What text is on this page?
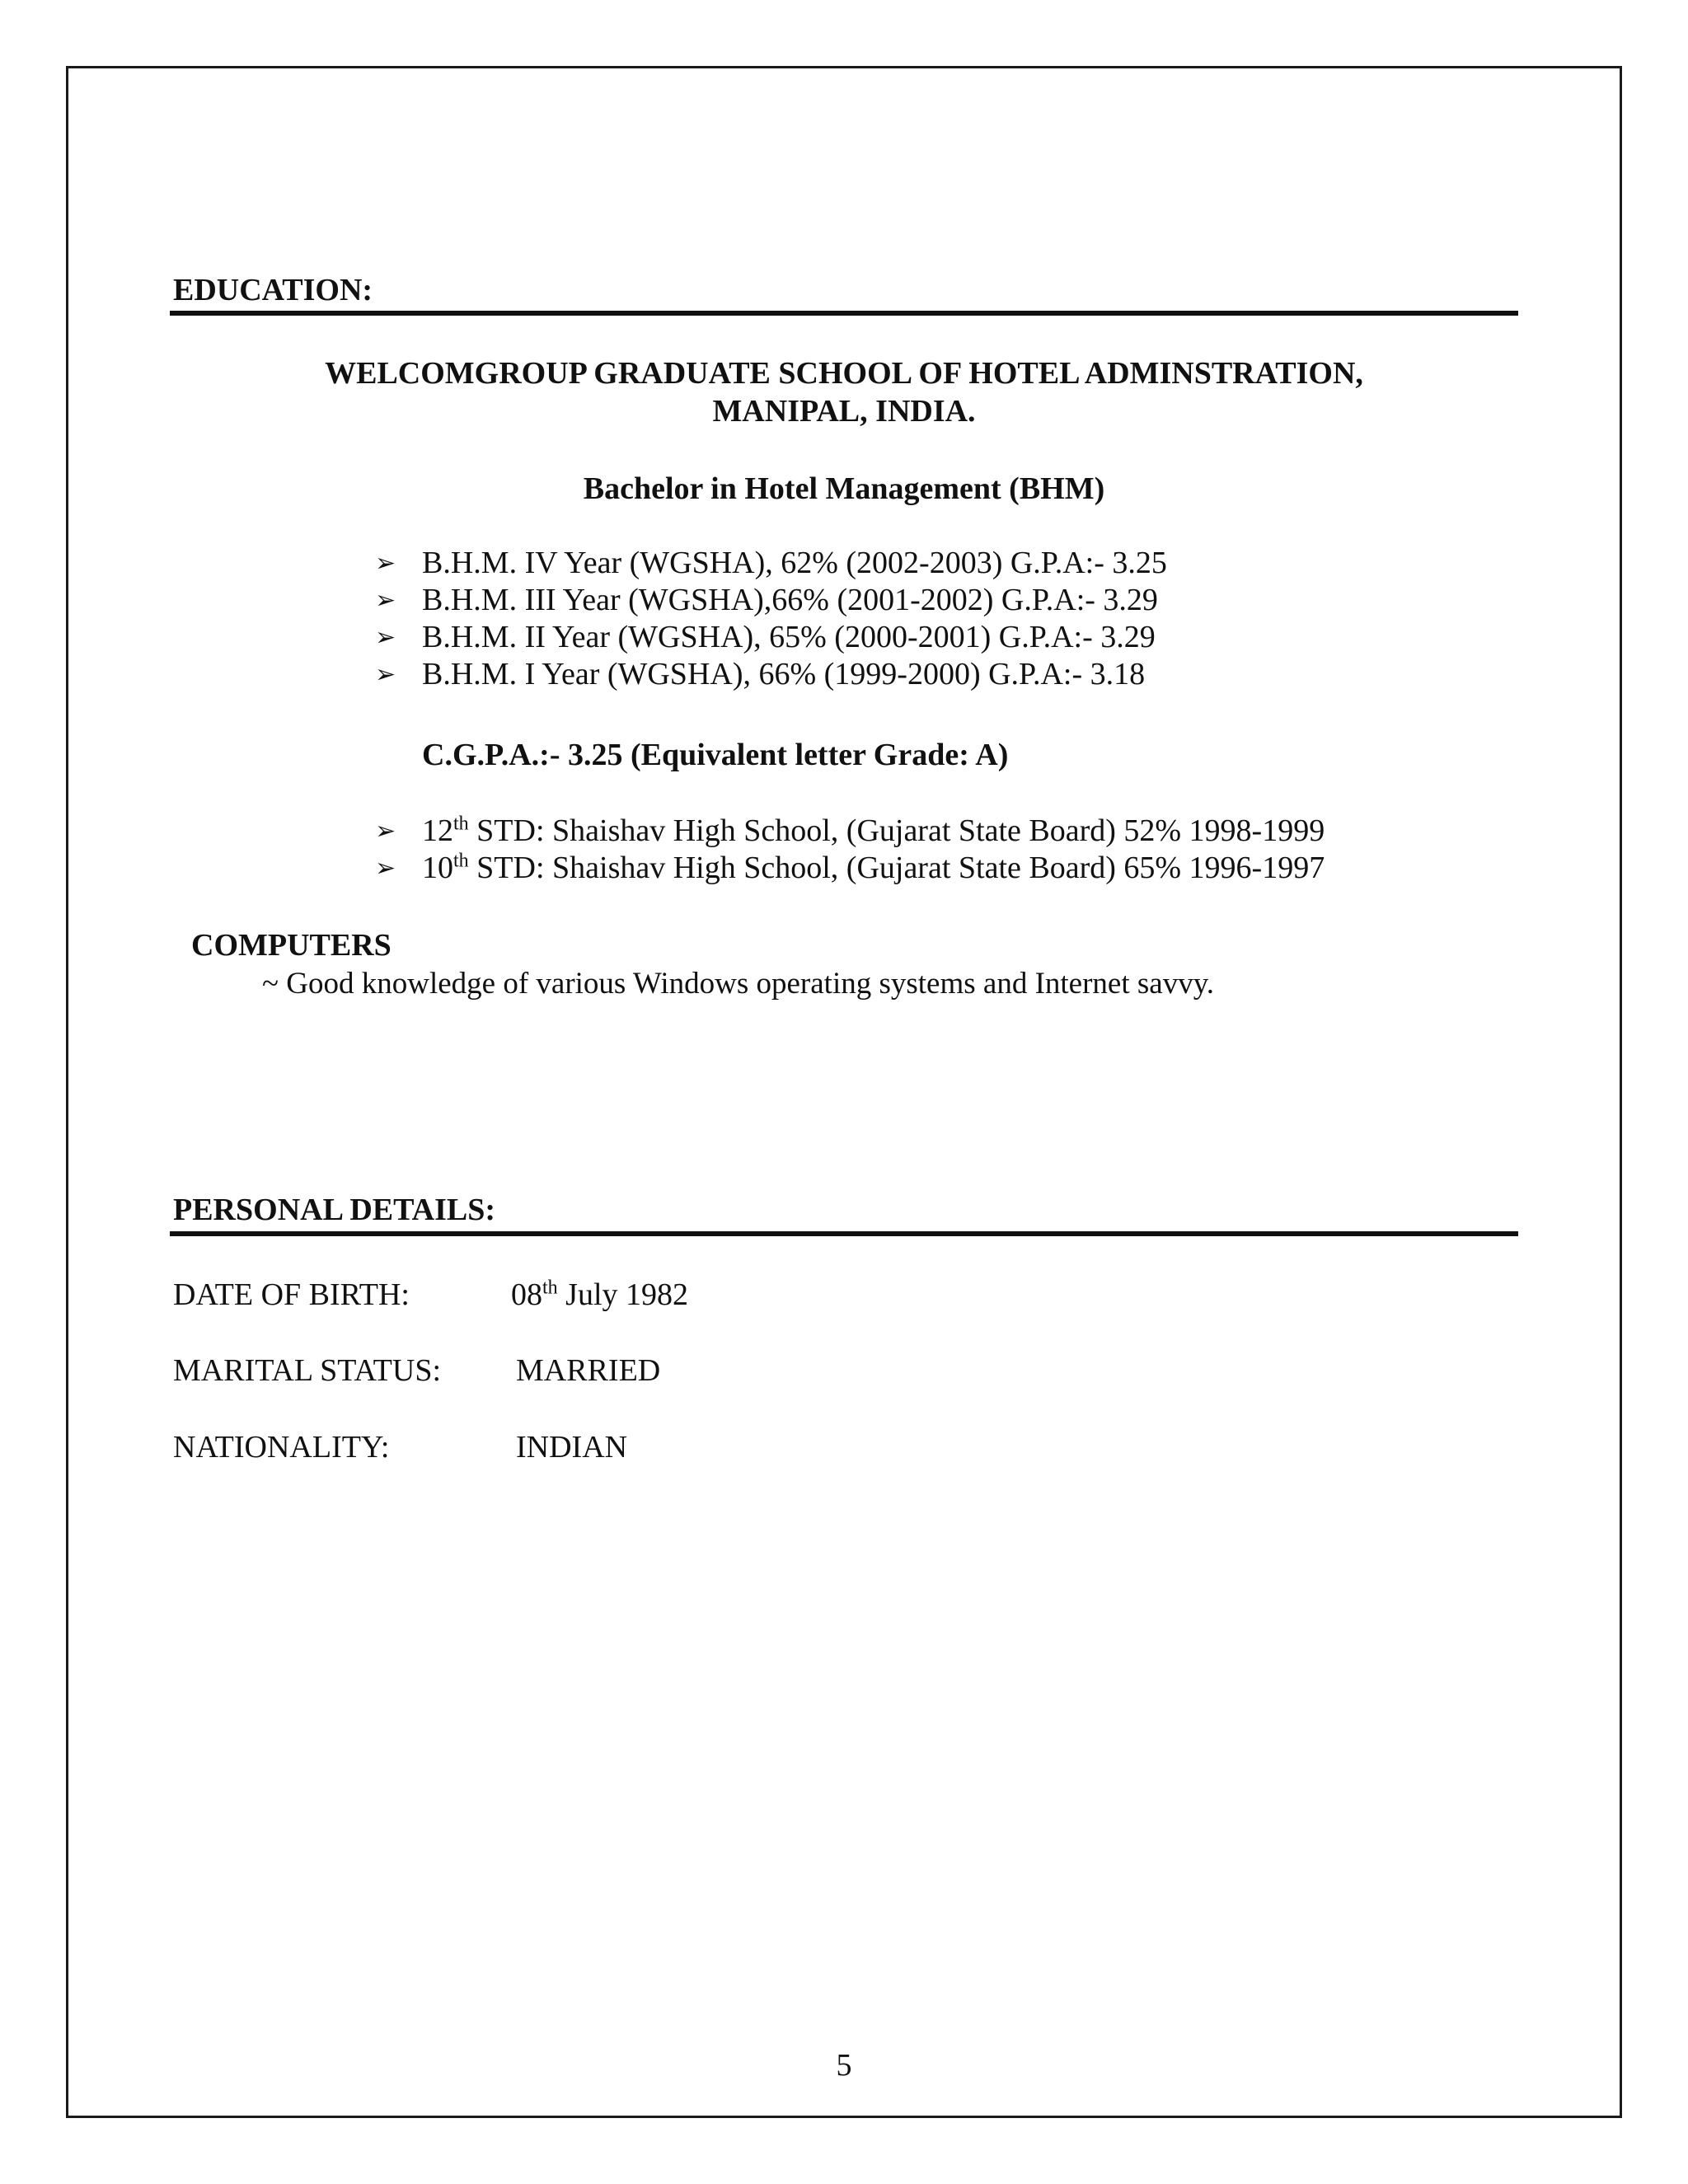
EDUCATION:
WELCOMGROUP GRADUATE SCHOOL OF HOTEL ADMINSTRATION,
MANIPAL, INDIA.
Bachelor in Hotel Management (BHM)
➢ B.H.M. IV Year (WGSHA), 62% (2002-2003) G.P.A:- 3.25
➢ B.H.M. III Year (WGSHA),66% (2001-2002) G.P.A:- 3.29
➢ B.H.M. II Year (WGSHA), 65% (2000-2001) G.P.A:- 3.29
➢ B.H.M. I Year (WGSHA), 66% (1999-2000) G.P.A:- 3.18
C.G.P.A.:- 3.25 (Equivalent letter Grade: A)
➢ 12th STD: Shaishav High School, (Gujarat State Board) 52% 1998-1999
➢ 10th STD: Shaishav High School, (Gujarat State Board) 65% 1996-1997
COMPUTERS
~ Good knowledge of various Windows operating systems and Internet savvy.
PERSONAL DETAILS:
DATE OF BIRTH:	08th July 1982
MARITAL STATUS: MARRIED
NATIONALITY:	INDIAN
5
